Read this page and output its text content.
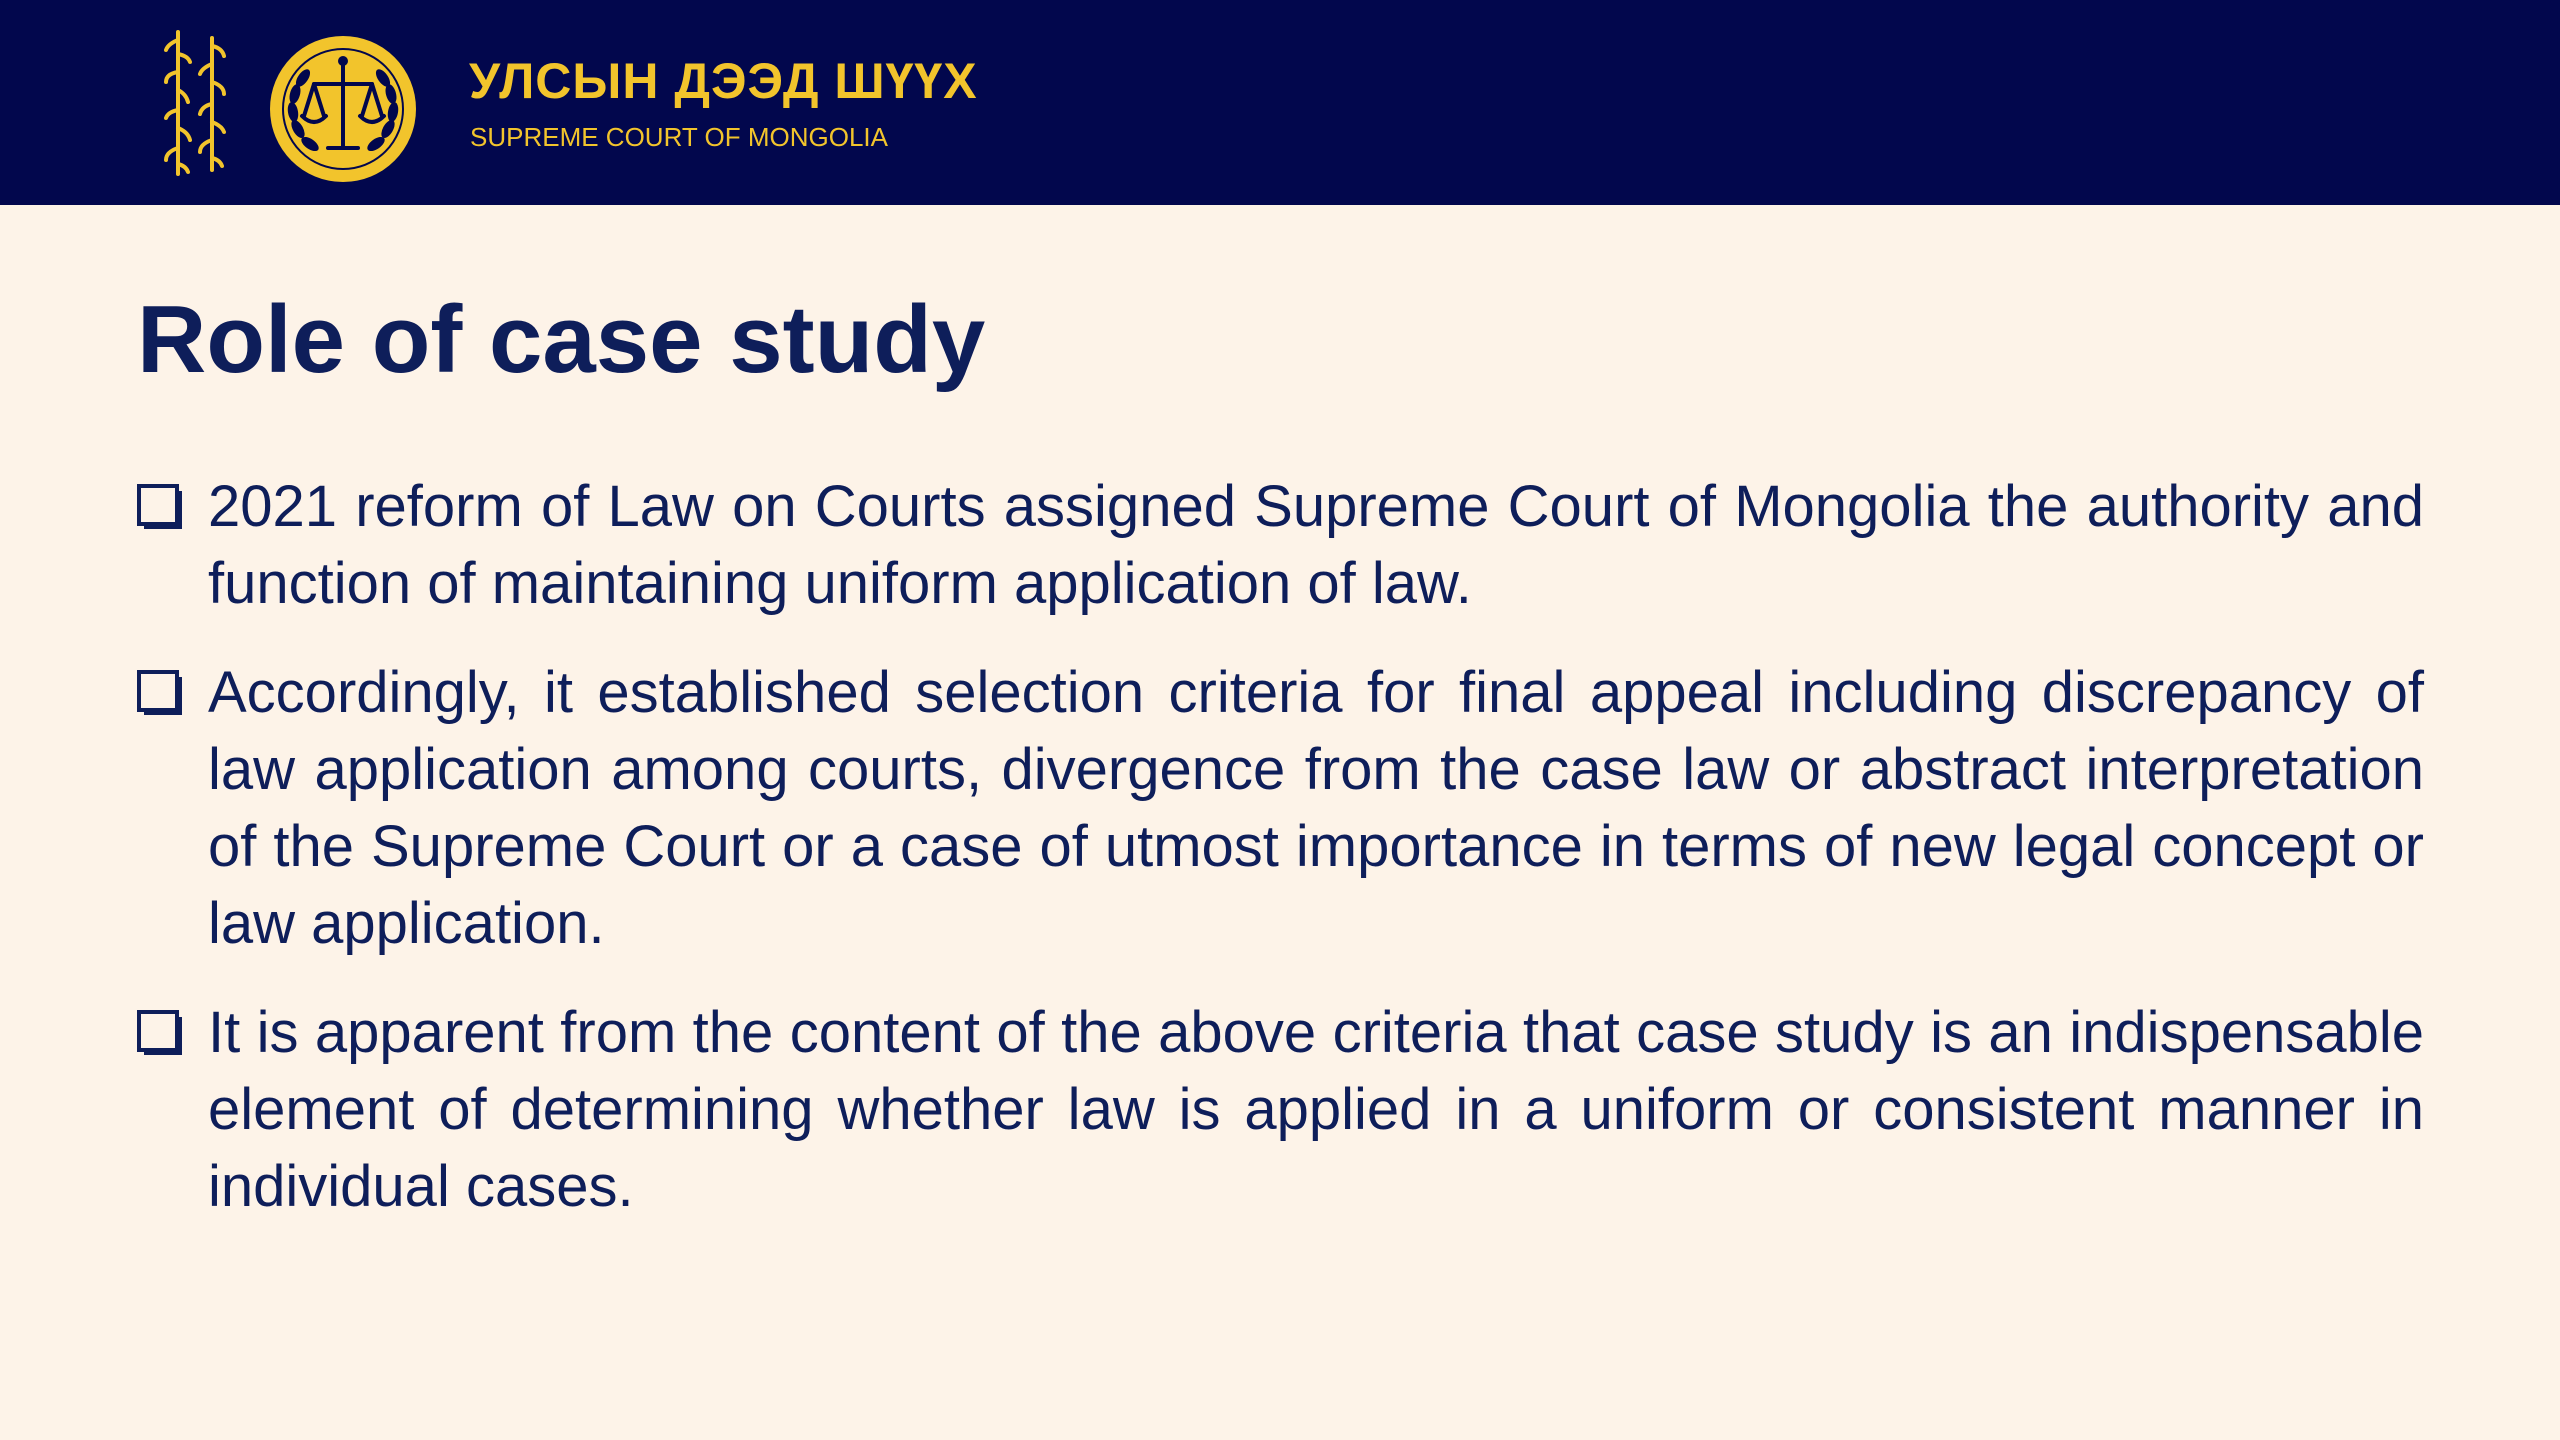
УЛСЫН ДЭЭД ШҮҮХ
SUPREME COURT OF MONGOLIA
Role of case study
2021 reform of Law on Courts assigned Supreme Court of Mongolia the authority and function of maintaining uniform application of law.
Accordingly, it established selection criteria for final appeal including discrepancy of law application among courts, divergence from the case law or abstract interpretation of the Supreme Court or a case of utmost importance in terms of new legal concept or law application.
It is apparent from the content of the above criteria that case study is an indispensable element of determining whether law is applied in a uniform or consistent manner in individual cases.
